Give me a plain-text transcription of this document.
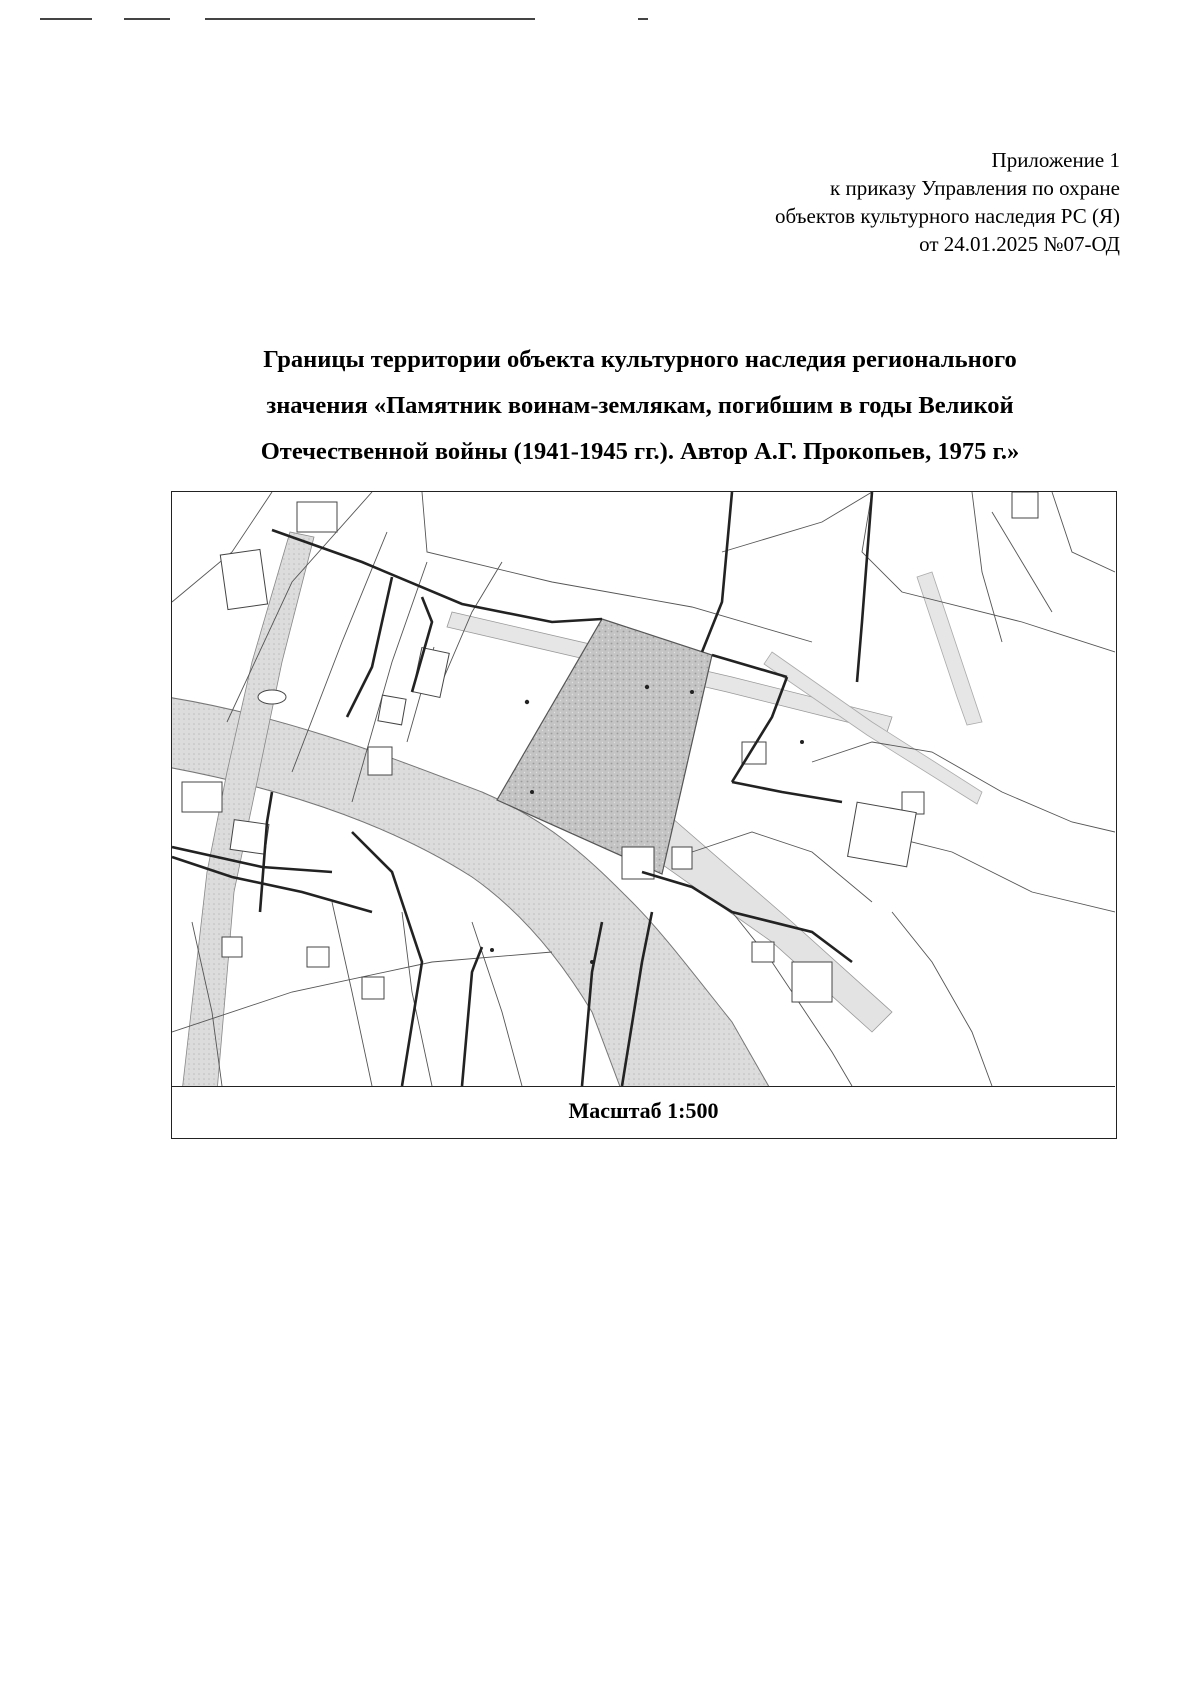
Приложение 1
к приказу Управления по охране
объектов культурного наследия РС (Я)
от 24.01.2025 №07-ОД
Границы территории объекта культурного наследия регионального
значения «Памятник воинам-землякам, погибшим в годы Великой
Отечественной войны (1941-1945 гг.). Автор А.Г. Прокопьев, 1975 г.»
Масштаб 1:500
